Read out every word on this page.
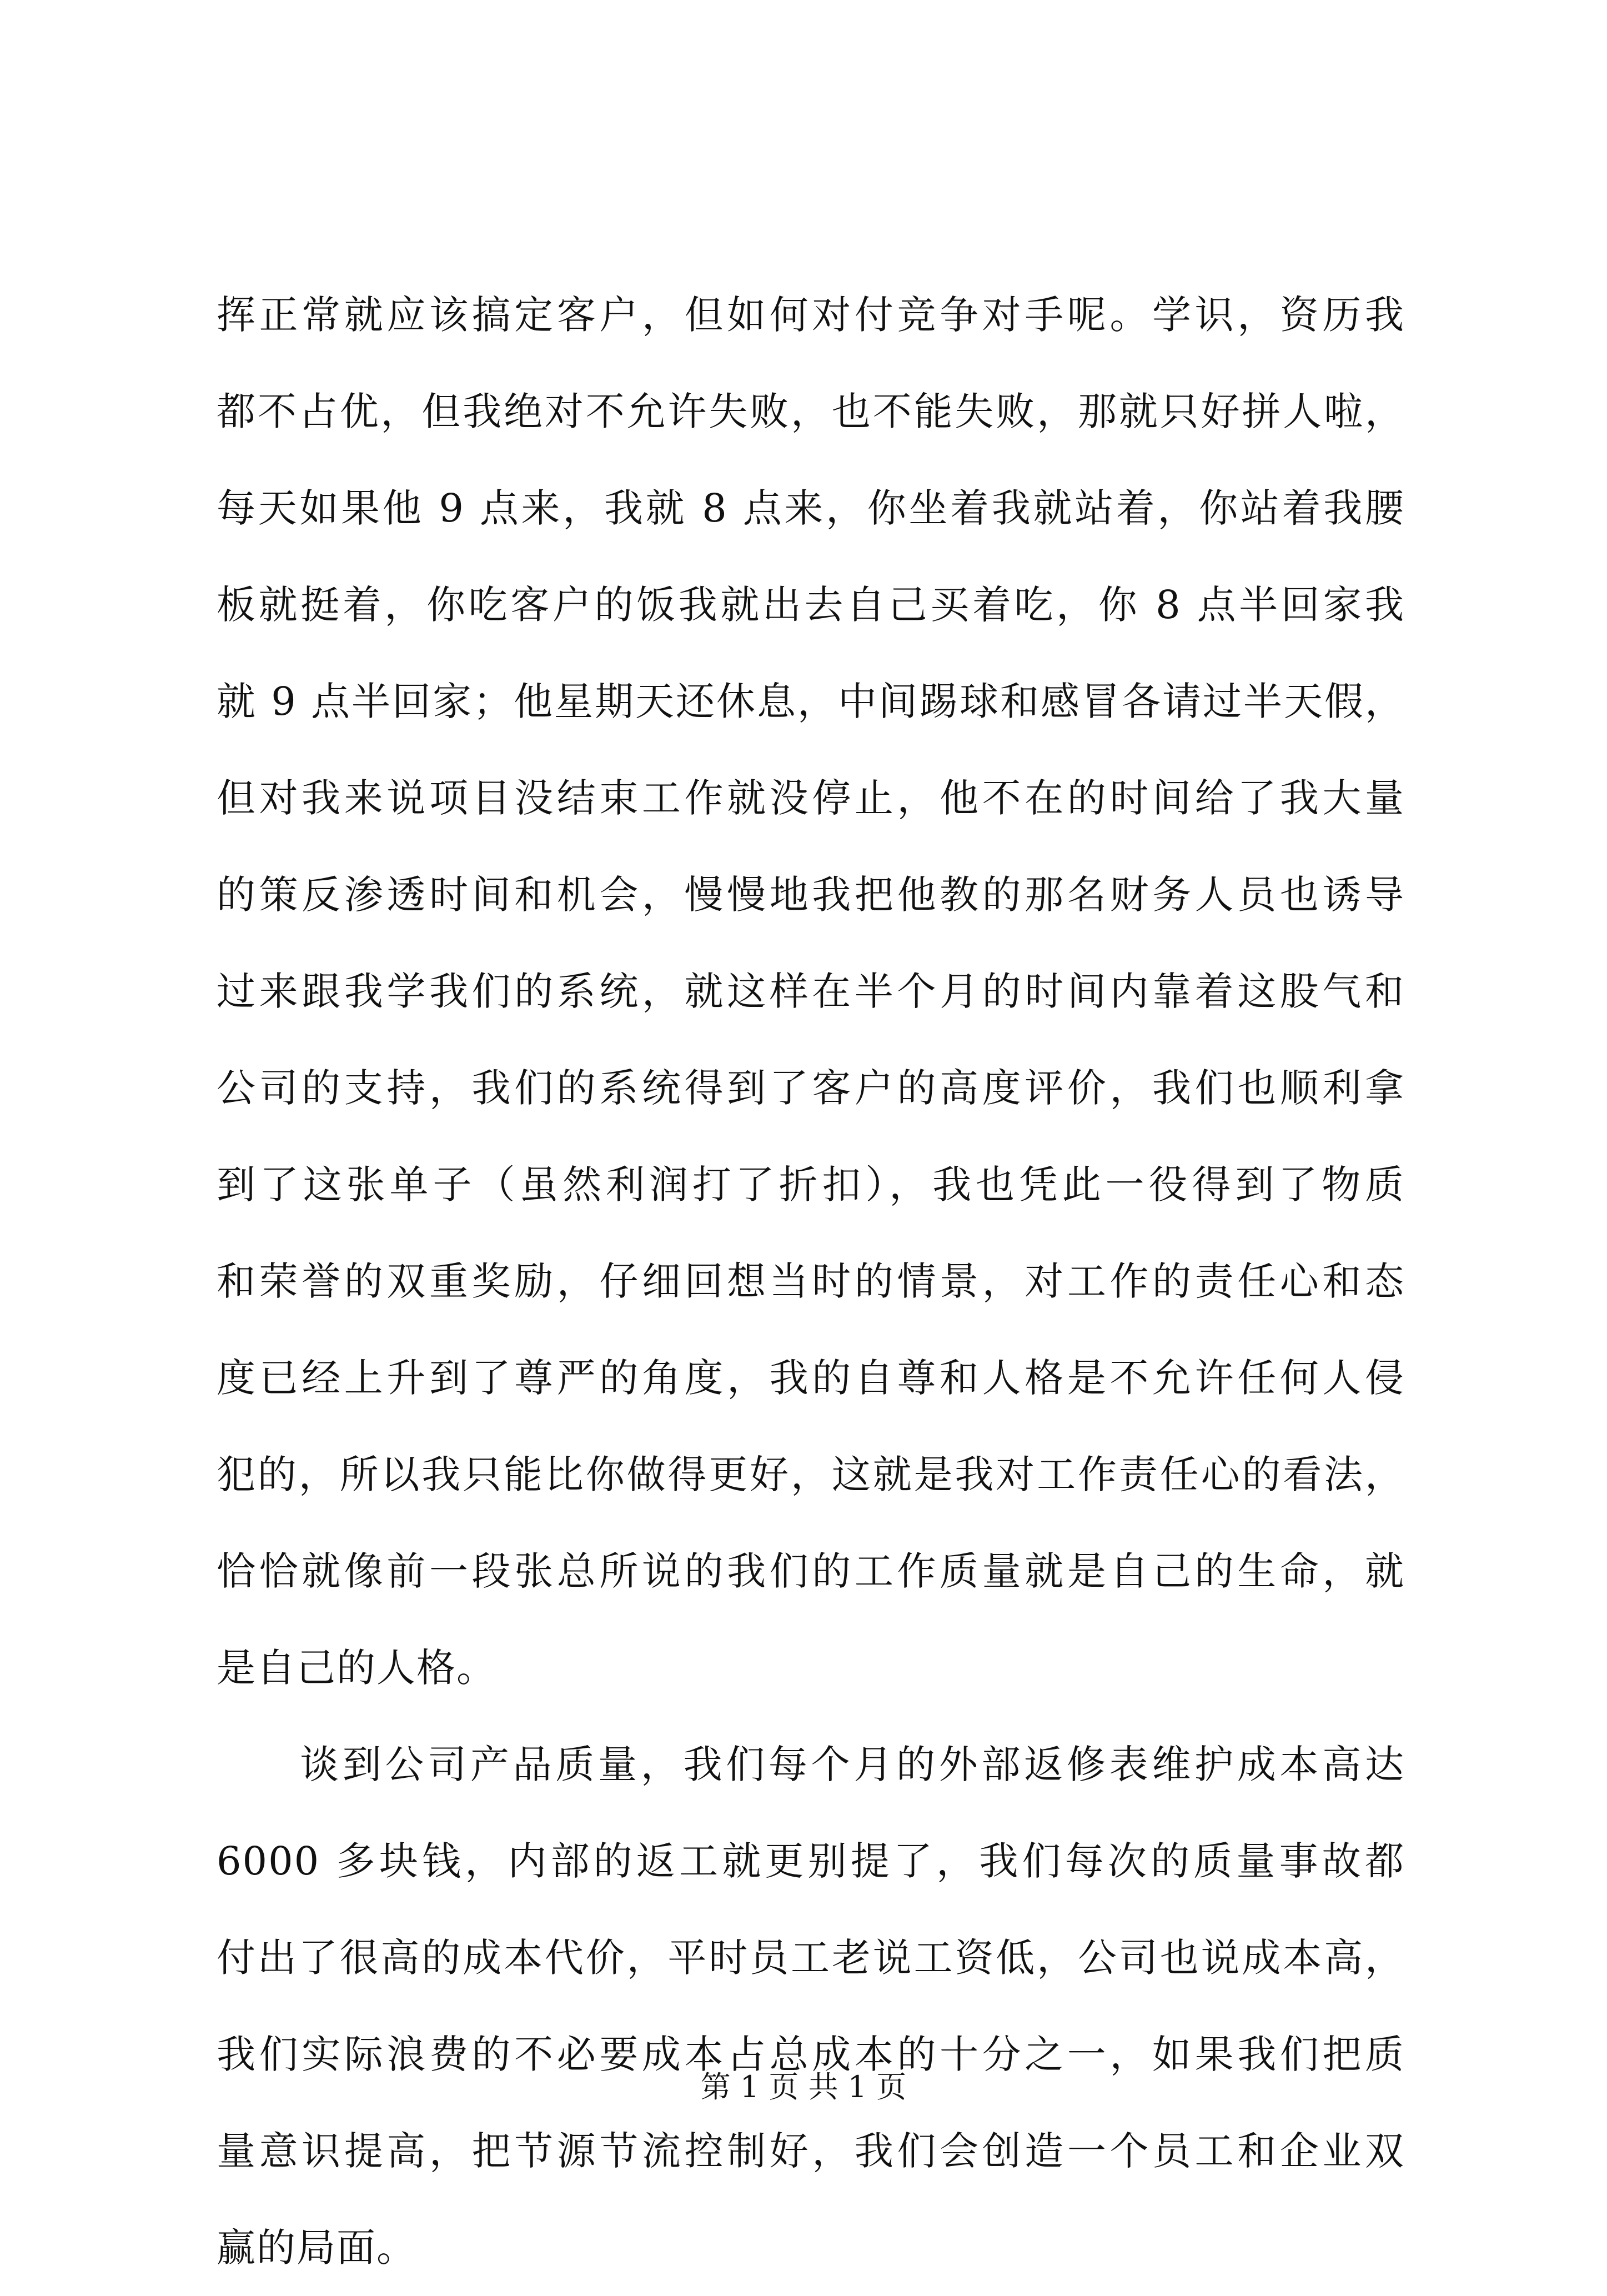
挥正常就应该搞定客户，但如何对付竞争对手呢。学识，资历我
都不占优，但我绝对不允许失败，也不能失败，那就只好拼人啦，
每天如果他 9 点来，我就 8 点来，你坐着我就站着，你站着我腰
板就挺着，你吃客户的饭我就出去自己买着吃，你 8 点半回家我
就 9 点半回家；他星期天还休息，中间踢球和感冒各请过半天假，
但对我来说项目没结束工作就没停止，他不在的时间给了我大量
的策反渗透时间和机会，慢慢地我把他教的那名财务人员也诱导
过来跟我学我们的系统，就这样在半个月的时间内靠着这股气和
公司的支持，我们的系统得到了客户的高度评价，我们也顺利拿
到了这张单子（虽然利润打了折扣），我也凭此一役得到了物质
和荣誉的双重奖励，仔细回想当时的情景，对工作的责任心和态
度已经上升到了尊严的角度，我的自尊和人格是不允许任何人侵
犯的，所以我只能比你做得更好，这就是我对工作责任心的看法，
恰恰就像前一段张总所说的我们的工作质量就是自己的生命，就
是自己的人格。
谈到公司产品质量，我们每个月的外部返修表维护成本高达
6000 多块钱，内部的返工就更别提了，我们每次的质量事故都
付出了很高的成本代价，平时员工老说工资低，公司也说成本高，
我们实际浪费的不必要成本占总成本的十分之一，如果我们把质
量意识提高，把节源节流控制好，我们会创造一个员工和企业双
赢的局面。
第 1 页 共 1 页
